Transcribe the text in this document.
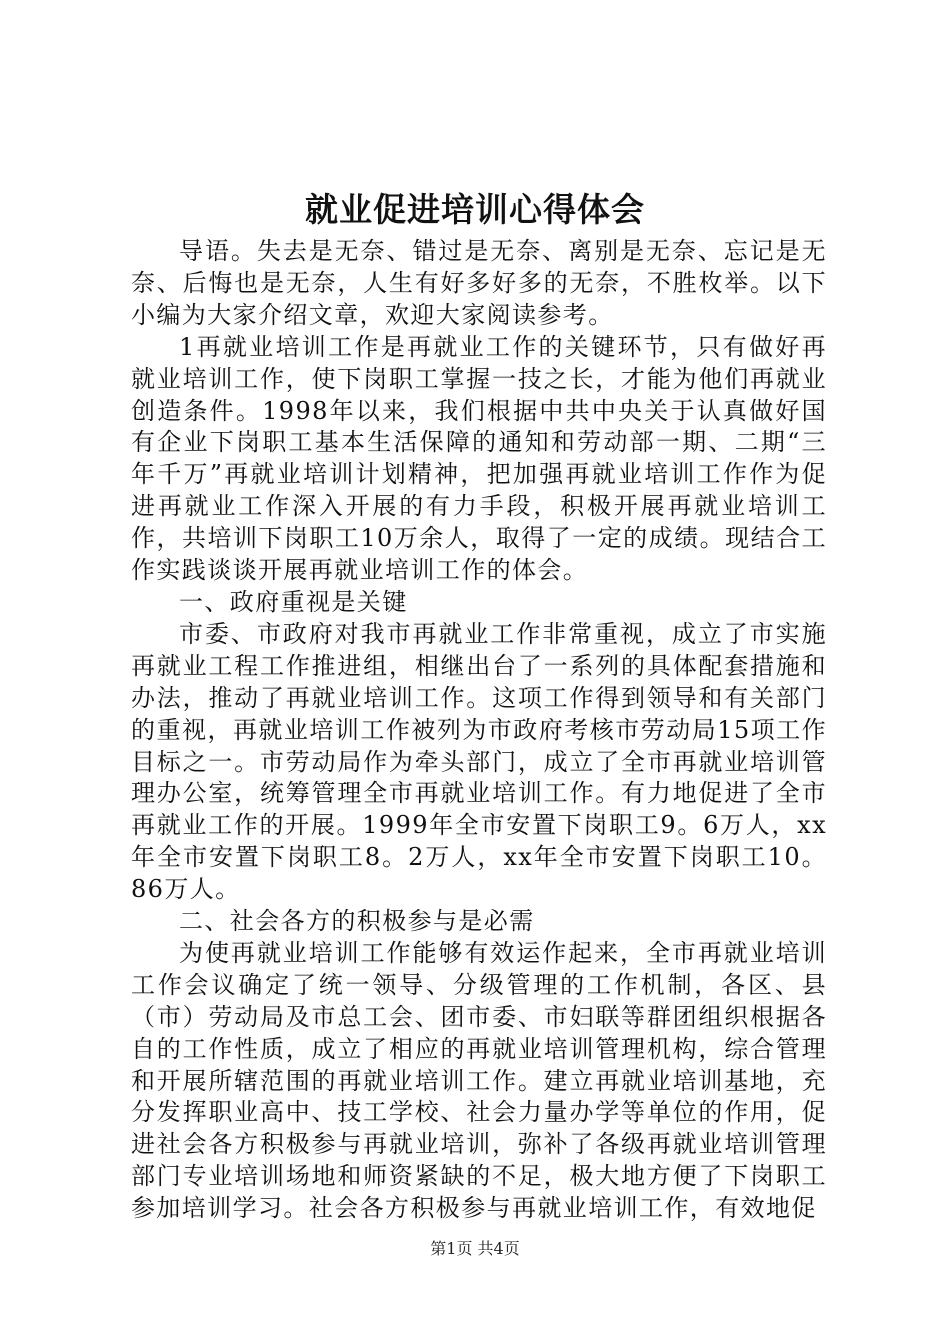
就业促进培训心得体会

导语。失去是无奈、错过是无奈、离别是无奈、忘记是无奈、后悔也是无奈，人生有好多好多的无奈，不胜枚举。以下小编为大家介绍文章，欢迎大家阅读参考。

1再就业培训工作是再就业工作的关键环节，只有做好再就业培训工作，使下岗职工掌握一技之长，才能为他们再就业创造条件。1998年以来，我们根据中共中央关于认真做好国有企业下岗职工基本生活保障的通知和劳动部一期、二期“三年千万”再就业培训计划精神，把加强再就业培训工作作为促进再就业工作深入开展的有力手段，积极开展再就业培训工作，共培训下岗职工10万余人，取得了一定的成绩。现结合工作实践谈谈开展再就业培训工作的体会。

一、政府重视是关键

市委、市政府对我市再就业工作非常重视，成立了市实施再就业工程工作推进组，相继出台了一系列的具体配套措施和办法，推动了再就业培训工作。这项工作得到领导和有关部门的重视，再就业培训工作被列为市政府考核市劳动局15项工作目标之一。市劳动局作为牵头部门，成立了全市再就业培训管理办公室，统筹管理全市再就业培训工作。有力地促进了全市再就业工作的开展。1999年全市安置下岗职工9。6万人，xx年全市安置下岗职工8。2万人，xx年全市安置下岗职工10。86万人。

二、社会各方的积极参与是必需

为使再就业培训工作能够有效运作起来，全市再就业培训工作会议确定了统一领导、分级管理的工作机制，各区、县（市）劳动局及市总工会、团市委、市妇联等群团组织根据各自的工作性质，成立了相应的再就业培训管理机构，综合管理和开展所辖范围的再就业培训工作。建立再就业培训基地，充分发挥职业高中、技工学校、社会力量办学等单位的作用，促进社会各方积极参与再就业培训，弥补了各级再就业培训管理部门专业培训场地和师资紧缺的不足，极大地方便了下岗职工参加培训学习。社会各方积极参与再就业培训工作，有效地促

第1页 共4页
